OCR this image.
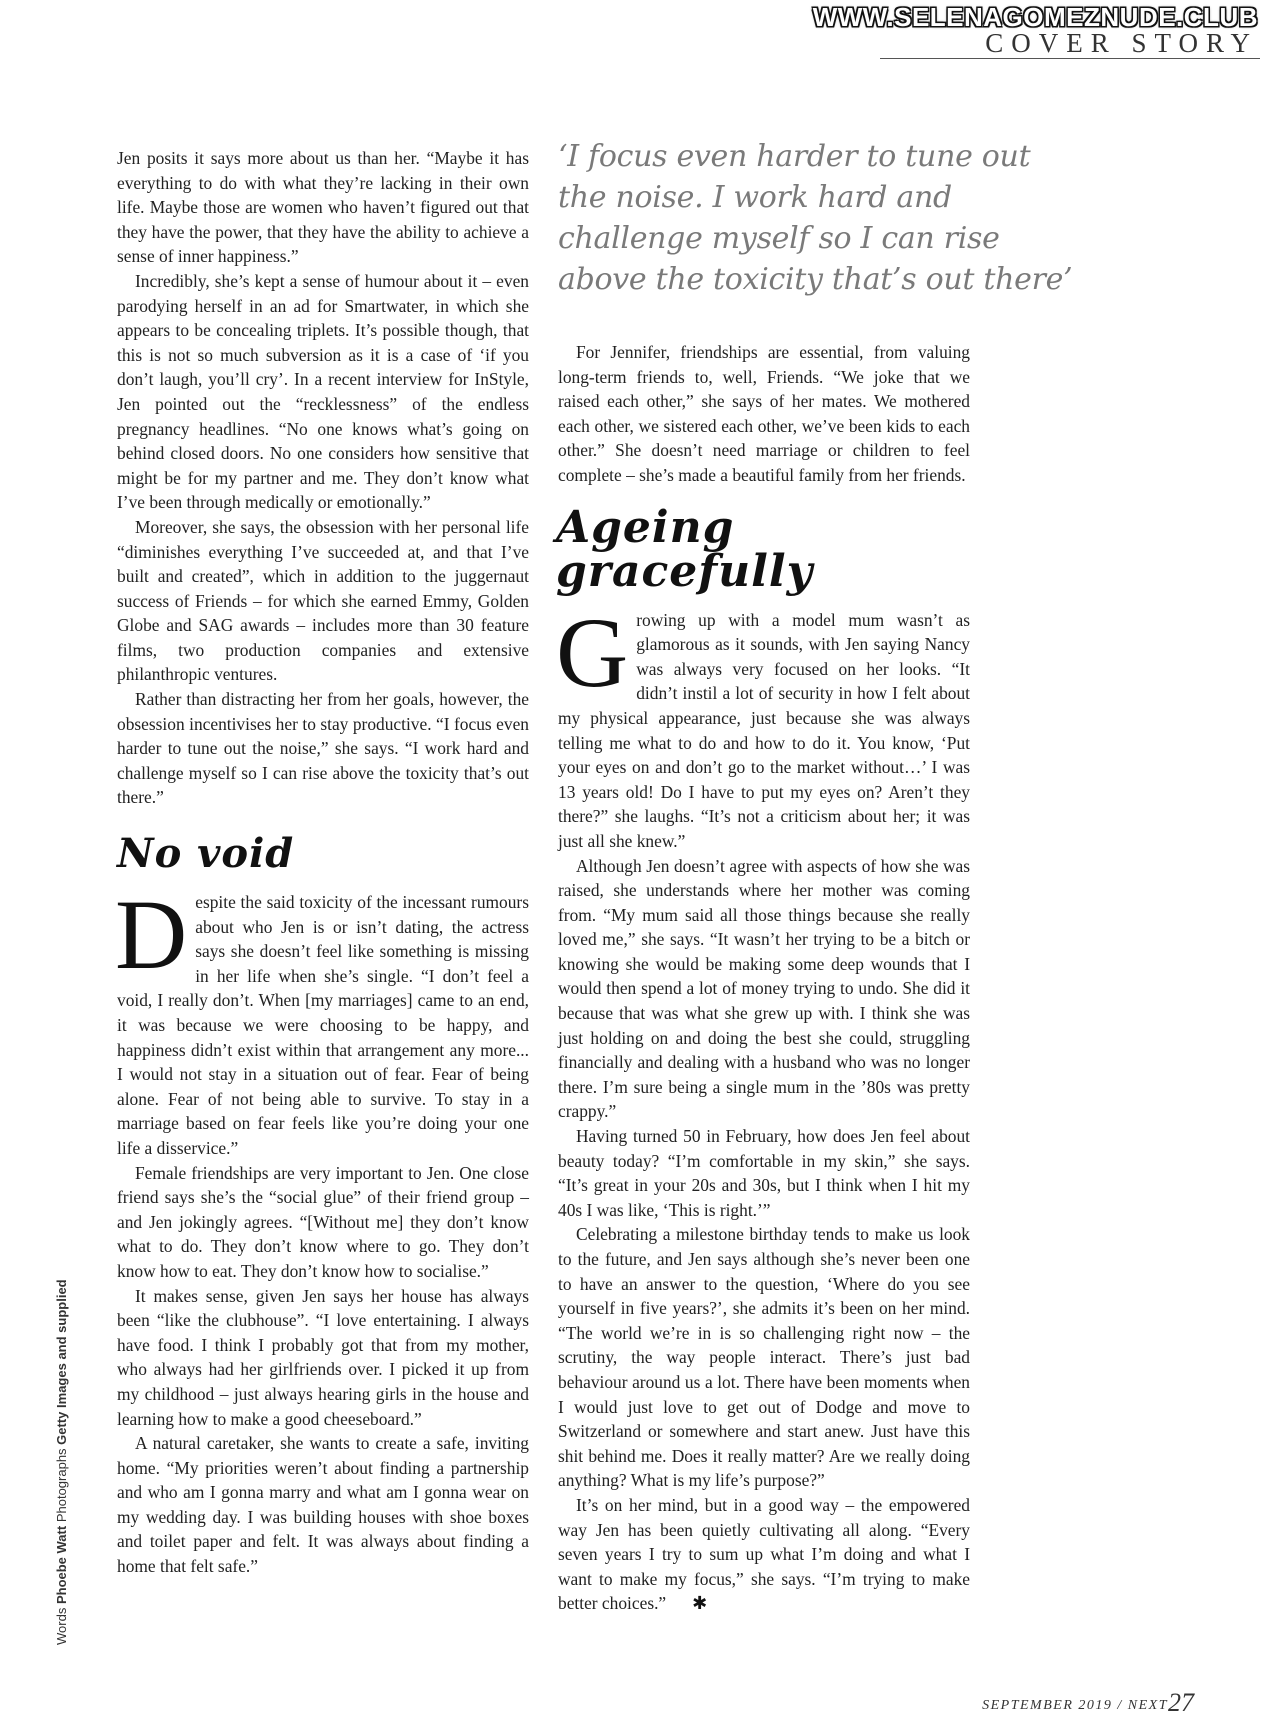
WWW.SELENAGOMEZNUDE.CLUB
COVER STORY
‘I focus even harder to tune out the noise. I work hard and challenge myself so I can rise above the toxicity that’s out there’

Jen posits it says more about us than her. “Maybe it has everything to do with what they’re lacking in their own life. Maybe those are women who haven’t figured out that they have the power, that they have the ability to achieve a sense of inner happiness.”

Incredibly, she’s kept a sense of humour about it – even parodying herself in an ad for Smartwater, in which she appears to be concealing triplets. It’s possible though, that this is not so much subversion as it is a case of ‘if you don’t laugh, you’ll cry’. In a recent interview for InStyle, Jen pointed out the “recklessness” of the endless pregnancy headlines. “No one knows what’s going on behind closed doors. No one considers how sensitive that might be for my partner and me. They don’t know what I’ve been through medically or emotionally.”

Moreover, she says, the obsession with her personal life “diminishes everything I’ve succeeded at, and that I’ve built and created”, which in addition to the juggernaut success of Friends – for which she earned Emmy, Golden Globe and SAG awards – includes more than 30 feature films, two production companies and extensive philanthropic ventures.

Rather than distracting her from her goals, however, the obsession incentivises her to stay productive. “I focus even harder to tune out the noise,” she says. “I work hard and challenge myself so I can rise above the toxicity that’s out there.”

No void

Despite the said toxicity of the incessant rumours about who Jen is or isn’t dating, the actress says she doesn’t feel like something is missing in her life when she’s single. “I don’t feel a void, I really don’t. When [my marriages] came to an end, it was because we were choosing to be happy, and happiness didn’t exist within that arrangement any more... I would not stay in a situation out of fear. Fear of being alone. Fear of not being able to survive. To stay in a marriage based on fear feels like you’re doing your one life a disservice.”

Female friendships are very important to Jen. One close friend says she’s the “social glue” of their friend group – and Jen jokingly agrees. “[Without me] they don’t know what to do. They don’t know where to go. They don’t know how to eat. They don’t know how to socialise.”

It makes sense, given Jen says her house has always been “like the clubhouse”. “I love entertaining. I always have food. I think I probably got that from my mother, who always had her girlfriends over. I picked it up from my childhood – just always hearing girls in the house and learning how to make a good cheeseboard.”

A natural caretaker, she wants to create a safe, inviting home. “My priorities weren’t about finding a partnership and who am I gonna marry and what am I gonna wear on my wedding day. I was building houses with shoe boxes and toilet paper and felt. It was always about finding a home that felt safe.”

For Jennifer, friendships are essential, from valuing long-term friends to, well, Friends. “We joke that we raised each other,” she says of her mates. We mothered each other, we sistered each other, we’ve been kids to each other.” She doesn’t need marriage or children to feel complete – she’s made a beautiful family from her friends.

Ageing gracefully

Growing up with a model mum wasn’t as glamorous as it sounds, with Jen saying Nancy was always very focused on her looks. “It didn’t instil a lot of security in how I felt about my physical appearance, just because she was always telling me what to do and how to do it. You know, ‘Put your eyes on and don’t go to the market without…’ I was 13 years old! Do I have to put my eyes on? Aren’t they there?” she laughs. “It’s not a criticism about her; it was just all she knew.”

Although Jen doesn’t agree with aspects of how she was raised, she understands where her mother was coming from. “My mum said all those things because she really loved me,” she says. “It wasn’t her trying to be a bitch or knowing she would be making some deep wounds that I would then spend a lot of money trying to undo. She did it because that was what she grew up with. I think she was just holding on and doing the best she could, struggling financially and dealing with a husband who was no longer there. I’m sure being a single mum in the ’80s was pretty crappy.”

Having turned 50 in February, how does Jen feel about beauty today? “I’m comfortable in my skin,” she says. “It’s great in your 20s and 30s, but I think when I hit my 40s I was like, ‘This is right.’”

Celebrating a milestone birthday tends to make us look to the future, and Jen says although she’s never been one to have an answer to the question, ‘Where do you see yourself in five years?’, she admits it’s been on her mind. “The world we’re in is so challenging right now – the scrutiny, the way people interact. There’s just bad behaviour around us a lot. There have been moments when I would just love to get out of Dodge and move to Switzerland or somewhere and start anew. Just have this shit behind me. Does it really matter? Are we really doing anything? What is my life’s purpose?”

It’s on her mind, but in a good way – the empowered way Jen has been quietly cultivating all along. “Every seven years I try to sum up what I’m doing and what I want to make my focus,” she says. “I’m trying to make better choices.” ✱

Words Phoebe Watt Photographs Getty Images and supplied
SEPTEMBER 2019 / NEXT27
